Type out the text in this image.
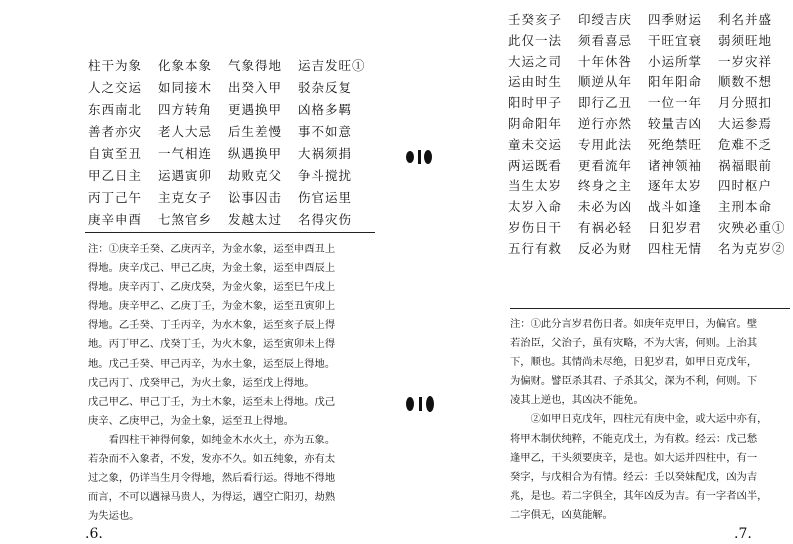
柱干为象	化象本象	气象得地	运吉发旺①
人之交运	如同接木	出癸入甲	驳杂反复
东西南北	四方转角	更遇换甲	凶格多羁
善者亦灾	老人大忌	后生差慢	事不如意
自寅至丑	一气相连	纵遇换甲	大祸须捐
甲乙日主	运遇寅卯	劫败克父	争斗搅扰
丙丁己午	主克女子	讼事囚击	伤官运里
庚辛申酉	七煞官乡	发越太过	名得灾伤
注：①庚辛壬癸、乙庚丙辛，为金水象，运至申酉丑上
得地。庚辛戊己、甲己乙庚，为金土象，运至申酉辰上
得地。庚辛丙丁、乙庚戊癸，为金火象，运至巳午戌上
得地。庚辛甲乙、乙庚丁壬，为金木象，运至丑寅卯上
得地。乙壬癸、丁壬丙辛，为水木象，运至亥子辰上得
地。丙丁甲乙、戊癸丁壬，为火木象，运至寅卯未上得
地。戊己壬癸、甲己丙辛，为水土象，运至辰上得地。
戊己丙丁、戊癸甲己，为火土象，运至戊上得地。
戊己甲乙、甲己丁壬，为土木象，运至未上得地。戊己
庚辛、乙庚甲己，为金土象，运至丑上得地。
　　看四柱干神得何象，如纯金木水火土，亦为五象。
若杂而不入象者，不发，发亦不久。如五纯象，亦有太
过之象，仍详当生月令得地，然后看行运。得地不得地
而言，不可以遇禄马贵人，为得运，遇空亡阳刃，劫熟
为失运也。
.6.
壬癸亥子	印绶吉庆	四季财运	利名并盛
此仅一法	须看喜忌	干旺宜衰	弱须旺地
大运之司	十年休咎	小运所掌	一岁灾祥
运由时生	顺逆从年	阳年阳命	顺数不想
阳时甲子	即行乙丑	一位一年	月分照扣
阴命阳年	逆行亦然	较量吉凶	大运参焉
童未交运	专用此法	死绝禁旺	危难不乏
两运既看	更看流年	诸神领袖	祸福眼前
当生太岁	终身之主	逐年太岁	四时枢户
太岁入命	未必为凶	战斗如逢	主刑本命
岁伤日干	有祸必轻	日犯岁君	灾殃必重①
五行有救	反必为财	四柱无情	名为克岁②
注：①此分言岁君伤日者。如庚年克甲日，为偏官。壁
若治臣，父治子，虽有灾略，不为大害，何则。上治其
下，顺也。其情尚未尽绝，日犯岁君，如甲日克戊年，
为偏财。譬臣杀其君、子杀其父，深为不利，何则。下
凌其上逆也，其凶决不能免。
　　②如甲日克戊年，四柱元有庚中金，或大运中亦有，
将甲木制伏纯粹，不能克戊土，为有救。经云：戊己愁
逢甲乙，干头须要庚辛，是也。如大运并四柱中，有一
癸字，与戊相合为有情。经云：壬以癸妹配戊，凶为吉
兆，是也。若二字俱全，其年凶反为吉。有一字者凶半，
二字俱无，凶莫能解。
.7.
